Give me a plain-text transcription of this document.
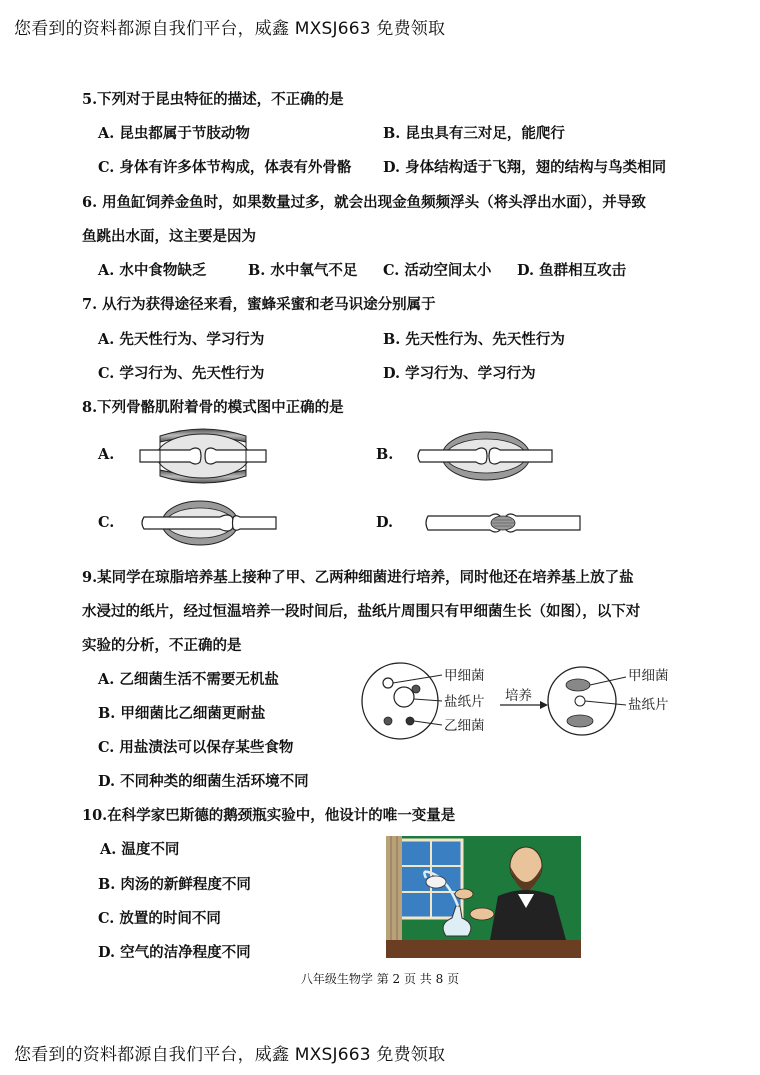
您看到的资料都源自我们平台，威鑫 MXSJ663 免费领取
5.下列对于昆虫特征的描述，不正确的是
A. 昆虫都属于节肢动物	B. 昆虫具有三对足，能爬行
C. 身体有许多体节构成，体表有外骨骼 D. 身体结构适于飞翔，翅的结构与鸟类相同
6. 用鱼缸饲养金鱼时，如果数量过多，就会出现金鱼频频浮头（将头浮出水面），并导致
鱼跳出水面，这主要是因为
A. 水中食物缺乏	B. 水中氧气不足 C. 活动空间太小 D. 鱼群相互攻击
7. 从行为获得途径来看，蜜蜂采蜜和老马识途分别属于
A. 先天性行为、学习行为	B. 先天性行为、先天性行为
C. 学习行为、先天性行为	D. 学习行为、学习行为
8.下列骨骼肌附着骨的模式图中正确的是
A.	B.
C.	D.
9.某同学在琼脂培养基上接种了甲、乙两种细菌进行培养，同时他还在培养基上放了盐
水浸过的纸片，经过恒温培养一段时间后，盐纸片周围只有甲细菌生长（如图），以下对
实验的分析，不正确的是
A. 乙细菌生活不需要无机盐
B. 甲细菌比乙细菌更耐盐
C. 用盐渍法可以保存某些食物
D. 不同种类的细菌生活环境不同
甲细菌
盐纸片
乙细菌
培养
甲细菌
盐纸片
10.在科学家巴斯德的鹅颈瓶实验中，他设计的唯一变量是
A. 温度不同
B. 肉汤的新鲜程度不同
C. 放置的时间不同
D. 空气的洁净程度不同
八年级生物学 第 2 页 共 8 页
您看到的资料都源自我们平台，威鑫 MXSJ663 免费领取
